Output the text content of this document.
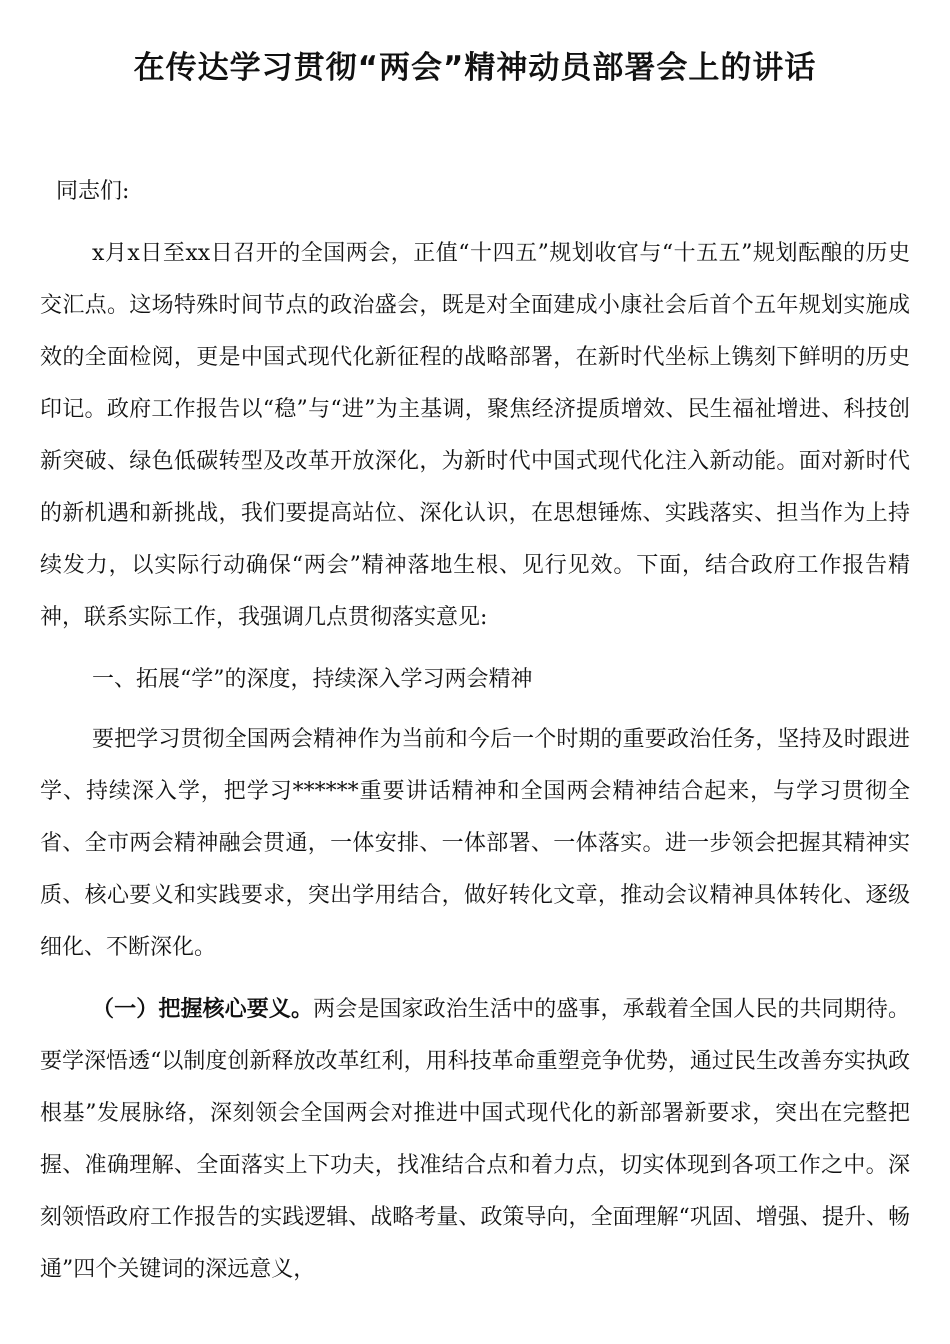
在传达学习贯彻“两会”精神动员部署会上的讲话

同志们:

x月x日至xx日召开的全国两会，正值“十四五”规划收官与“十五五”规划酝酿的历史交汇点。这场特殊时间节点的政治盛会，既是对全面建成小康社会后首个五年规划实施成效的全面检阅，更是中国式现代化新征程的战略部署，在新时代坐标上镌刻下鲜明的历史印记。政府工作报告以“稳”与“进”为主基调，聚焦经济提质增效、民生福祉增进、科技创新突破、绿色低碳转型及改革开放深化，为新时代中国式现代化注入新动能。面对新时代的新机遇和新挑战，我们要提高站位、深化认识，在思想锤炼、实践落实、担当作为上持续发力，以实际行动确保“两会”精神落地生根、见行见效。下面，结合政府工作报告精神，联系实际工作，我强调几点贯彻落实意见:

一、拓展“学”的深度，持续深入学习两会精神

要把学习贯彻全国两会精神作为当前和今后一个时期的重要政治任务，坚持及时跟进学、持续深入学，把学习******重要讲话精神和全国两会精神结合起来，与学习贯彻全省、全市两会精神融会贯通，一体安排、一体部署、一体落实。进一步领会把握其精神实质、核心要义和实践要求，突出学用结合，做好转化文章，推动会议精神具体转化、逐级细化、不断深化。

（一）把握核心要义。两会是国家政治生活中的盛事，承载着全国人民的共同期待。要学深悟透“以制度创新释放改革红利，用科技革命重塑竞争优势，通过民生改善夯实执政根基”发展脉络，深刻领会全国两会对推进中国式现代化的新部署新要求，突出在完整把握、准确理解、全面落实上下功夫，找准结合点和着力点，切实体现到各项工作之中。深刻领悟政府工作报告的实践逻辑、战略考量、政策导向，全面理解“巩固、增强、提升、畅通”四个关键词的深远意义，
